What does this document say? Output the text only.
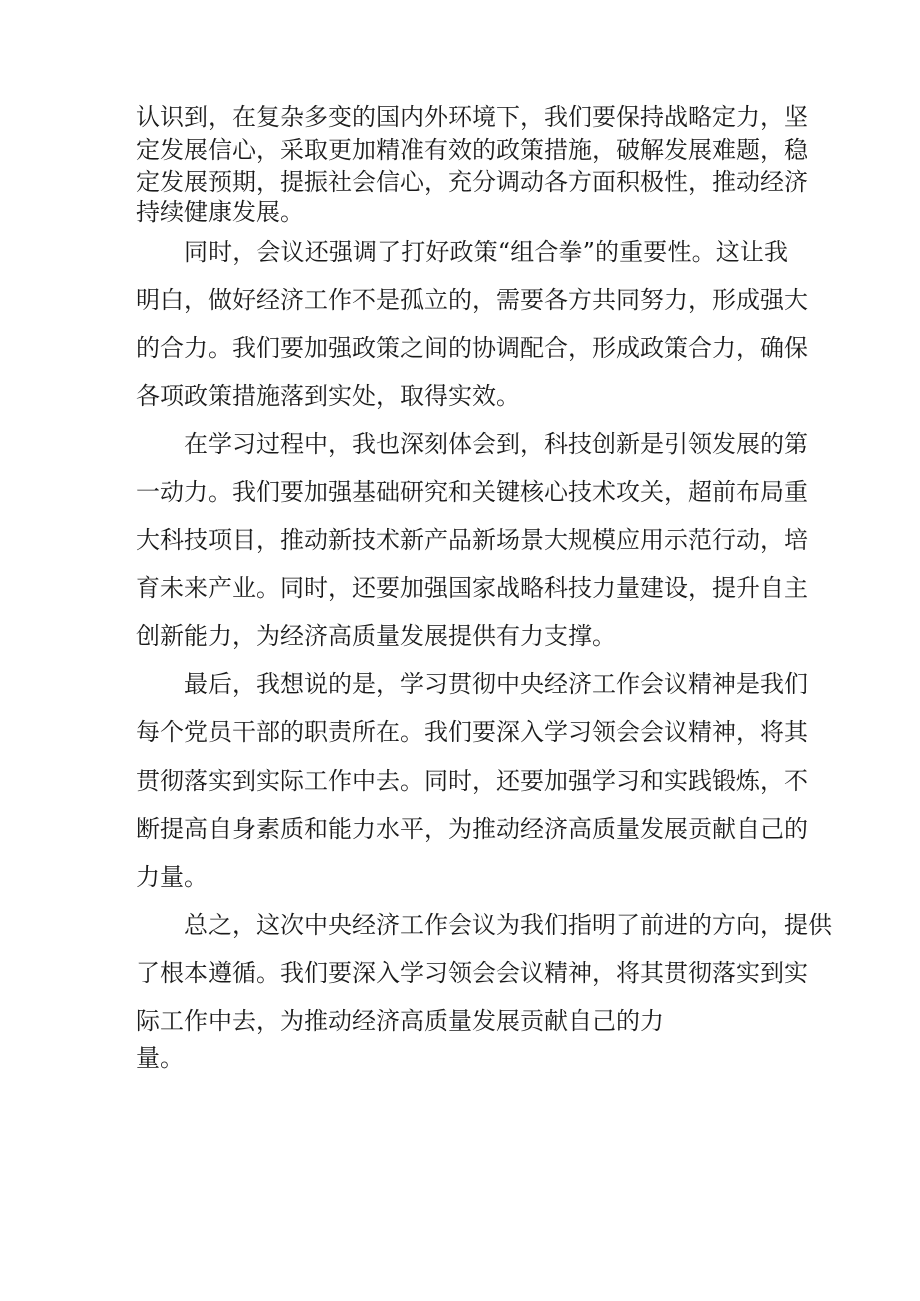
认识到，在复杂多变的国内外环境下，我们要保持战略定力，坚
定发展信心，采取更加精准有效的政策措施，破解发展难题，稳
定发展预期，提振社会信心，充分调动各方面积极性，推动经济
持续健康发展。
同时，会议还强调了打好政策“组合拳”的重要性。这让我
明白，做好经济工作不是孤立的，需要各方共同努力，形成强大
的合力。我们要加强政策之间的协调配合，形成政策合力，确保
各项政策措施落到实处，取得实效。
在学习过程中，我也深刻体会到，科技创新是引领发展的第
一动力。我们要加强基础研究和关键核心技术攻关，超前布局重
大科技项目，推动新技术新产品新场景大规模应用示范行动，培
育未来产业。同时，还要加强国家战略科技力量建设，提升自主
创新能力，为经济高质量发展提供有力支撑。
最后，我想说的是，学习贯彻中央经济工作会议精神是我们
每个党员干部的职责所在。我们要深入学习领会会议精神，将其
贯彻落实到实际工作中去。同时，还要加强学习和实践锻炼，不
断提高自身素质和能力水平，为推动经济高质量发展贡献自己的
力量。
总之，这次中央经济工作会议为我们指明了前进的方向，提供
了根本遵循。我们要深入学习领会会议精神，将其贯彻落实到实
际工作中去，为推动经济高质量发展贡献自己的力
量。
